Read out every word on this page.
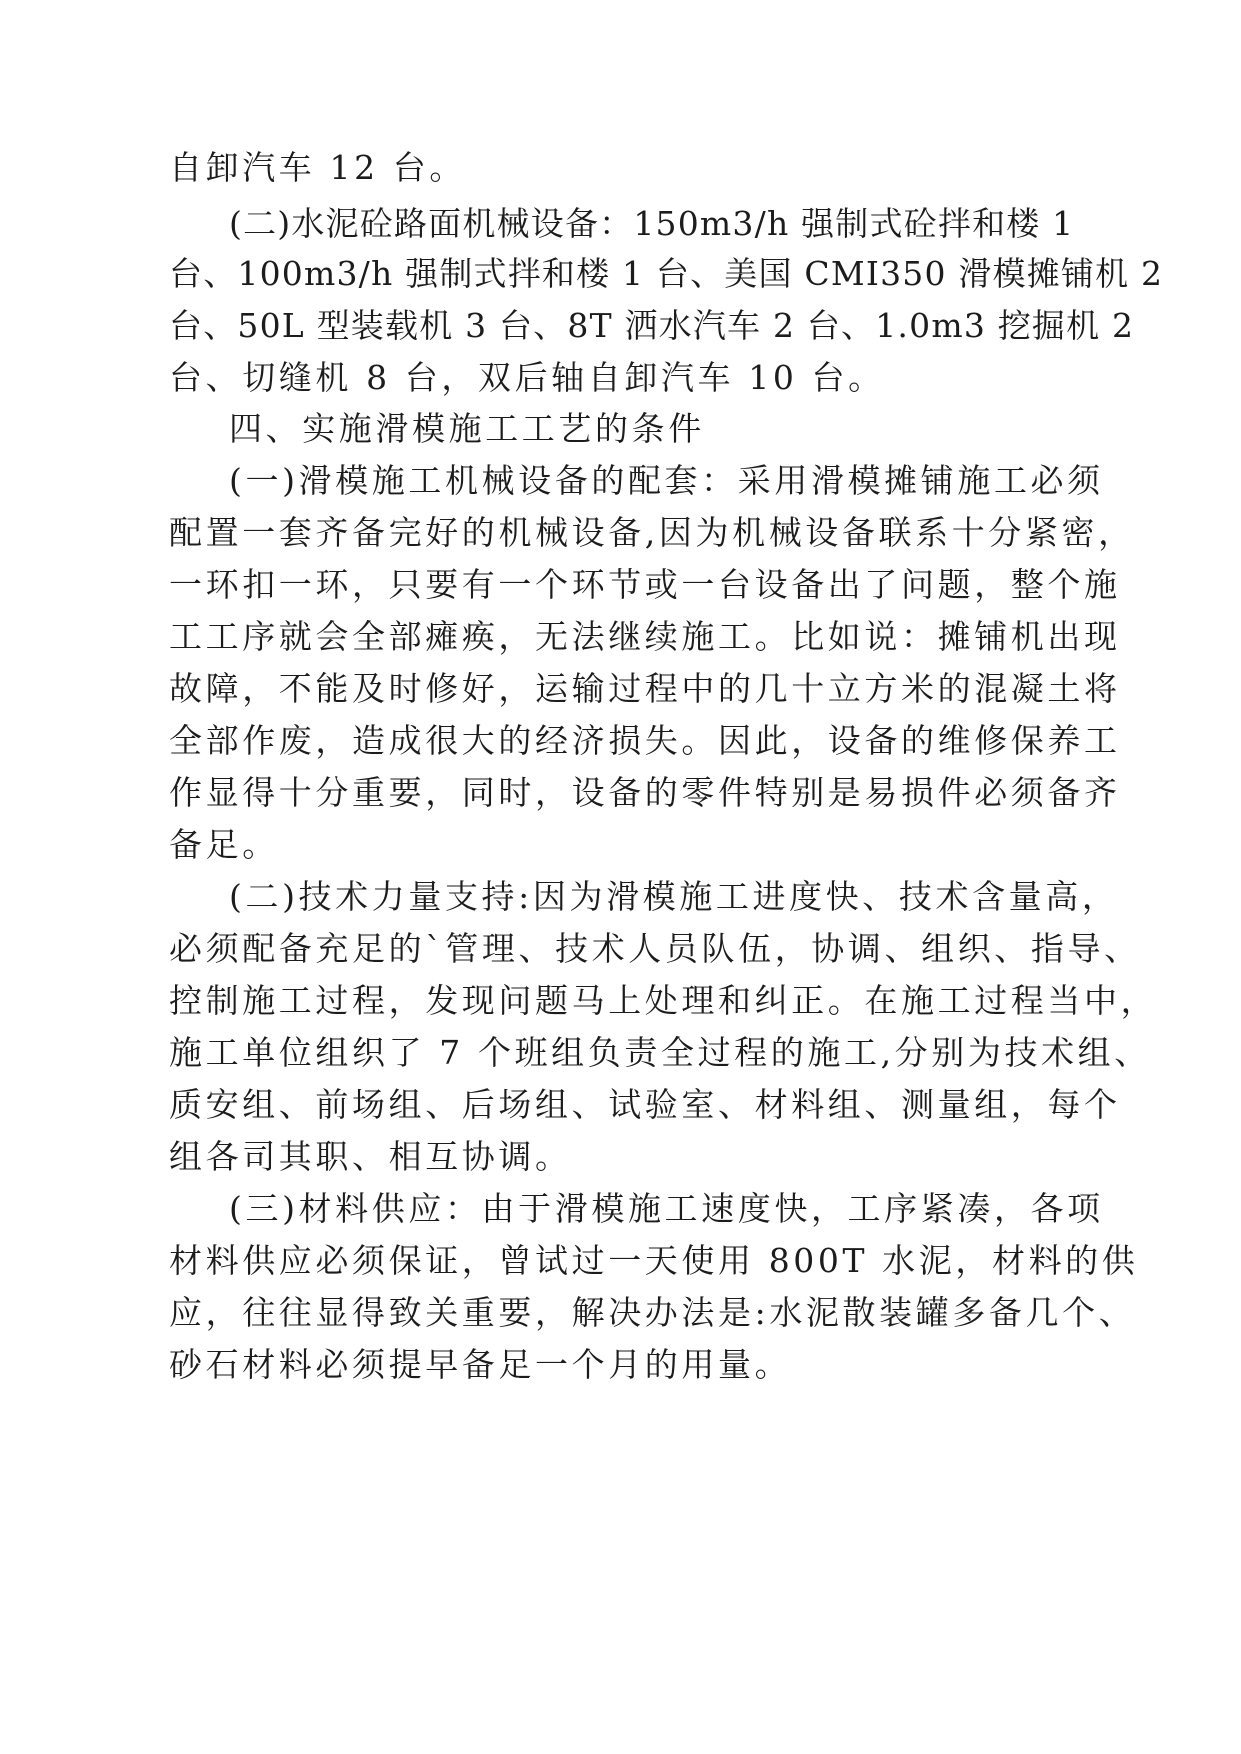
自卸汽车 12 台。
(二)水泥砼路面机械设备：150m3/h 强制式砼拌和楼 1
台、100m3/h 强制式拌和楼 1 台、美国 CMI350 滑模摊铺机 2
台、50L 型装载机 3 台、8T 洒水汽车 2 台、1.0m3 挖掘机 2
台、切缝机 8 台，双后轴自卸汽车 10 台。
四、实施滑模施工工艺的条件
(一)滑模施工机械设备的配套：采用滑模摊铺施工必须
配置一套齐备完好的机械设备,因为机械设备联系十分紧密，
一环扣一环，只要有一个环节或一台设备出了问题，整个施
工工序就会全部瘫痪，无法继续施工。比如说：摊铺机出现
故障，不能及时修好，运输过程中的几十立方米的混凝土将
全部作废，造成很大的经济损失。因此，设备的维修保养工
作显得十分重要，同时，设备的零件特别是易损件必须备齐
备足。
(二)技术力量支持:因为滑模施工进度快、技术含量高，
必须配备充足的`管理、技术人员队伍，协调、组织、指导、
控制施工过程，发现问题马上处理和纠正。在施工过程当中，
施工单位组织了 7 个班组负责全过程的施工,分别为技术组、
质安组、前场组、后场组、试验室、材料组、测量组，每个
组各司其职、相互协调。
(三)材料供应：由于滑模施工速度快，工序紧凑，各项
材料供应必须保证，曾试过一天使用 800T 水泥，材料的供
应，往往显得致关重要，解决办法是:水泥散装罐多备几个、
砂石材料必须提早备足一个月的用量。
